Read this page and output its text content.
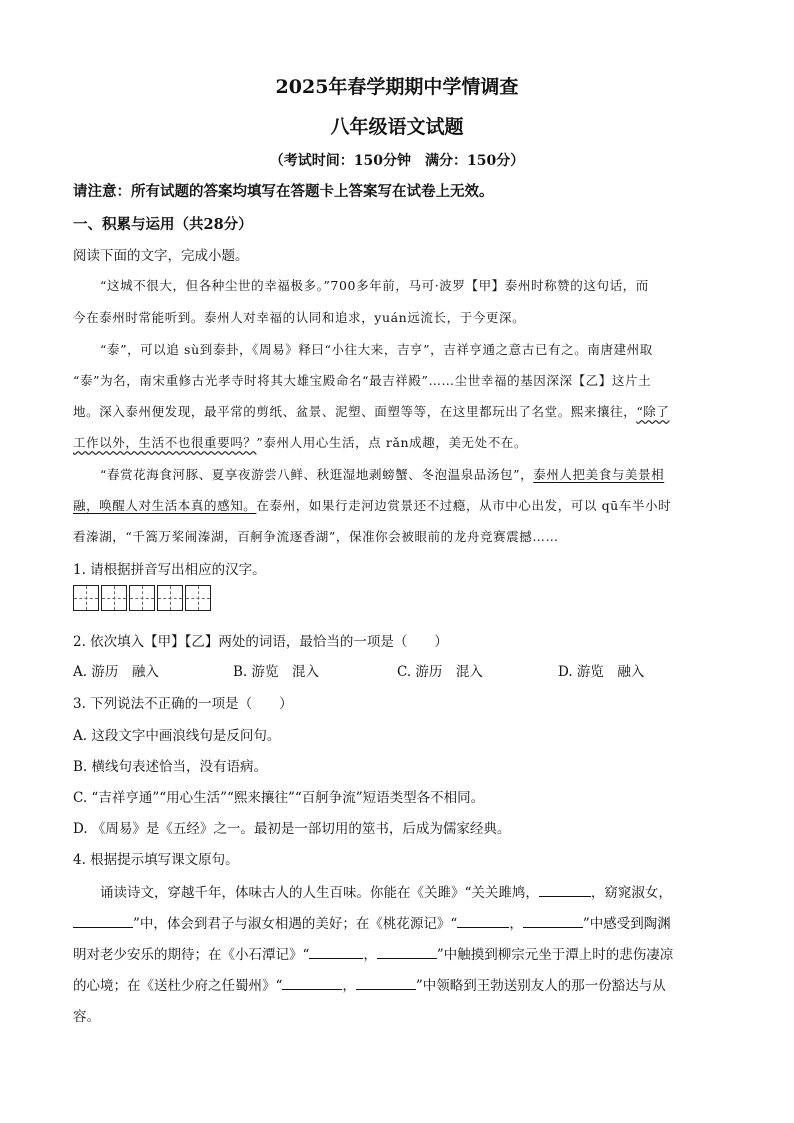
2025年春学期期中学情调查
八年级语文试题
（考试时间：150分钟　满分：150分）
请注意：所有试题的答案均填写在答题卡上答案写在试卷上无效。
一、积累与运用（共28分）
阅读下面的文字，完成小题。
“这城不很大，但各种尘世的幸福极多。”700多年前，马可·波罗【甲】泰州时称赞的这句话，而
今在泰州时常能听到。泰州人对幸福的认同和追求，yuán远流长，于今更深。
“泰”，可以追 sù到泰卦，《周易》释曰“小往大来，吉亨”，吉祥亨通之意古已有之。南唐建州取
“泰”为名，南宋重修古光孝寺时将其大雄宝殿命名“最吉祥殿”……尘世幸福的基因深深【乙】这片土
地。深入泰州便发现，最平常的剪纸、盆景、泥塑、面塑等等，在这里都玩出了名堂。熙来攘往，“除了
工作以外，生活不也很重要吗？”泰州人用心生活，点 rǎn成趣，美无处不在。
“春赏花海食河豚、夏享夜游尝八鲜、秋逛湿地剥螃蟹、冬泡温泉品汤包”，泰州人把美食与美景相
融，唤醒人对生活本真的感知。在泰州，如果行走河边赏景还不过瘾，从市中心出发，可以 qū车半小时
看溱湖，“千篙万桨闹溱湖，百舸争流逐香湖”，保准你会被眼前的龙舟竞赛震撼……
1. 请根据拼音写出相应的汉字。
2. 依次填入【甲】【乙】两处的词语，最恰当的一项是（　　）
A. 游历　融入	B. 游览　混入	C. 游历　混入	D. 游览　融入
3. 下列说法不正确的一项是（　　）
A. 这段文字中画浪线句是反问句。
B. 横线句表述恰当，没有语病。
C. “吉祥亨通”“用心生活”“熙来攘往”“百舸争流”短语类型各不相同。
D. 《周易》是《五经》之一。最初是一部切用的筮书，后成为儒家经典。
4. 根据提示填写课文原句。
诵读诗文，穿越千年，体味古人的人生百味。你能在《关雎》“关关雎鸠，	，窈窕淑女，
”中，体会到君子与淑女相遇的美好；在《桃花源记》“	，	”中感受到陶渊
明对老少安乐的期待；在《小石潭记》“	，	”中触摸到柳宗元坐于潭上时的悲伤凄凉
的心境；在《送杜少府之任蜀州》“	，	”中领略到王勃送别友人的那一份豁达与从
容。
